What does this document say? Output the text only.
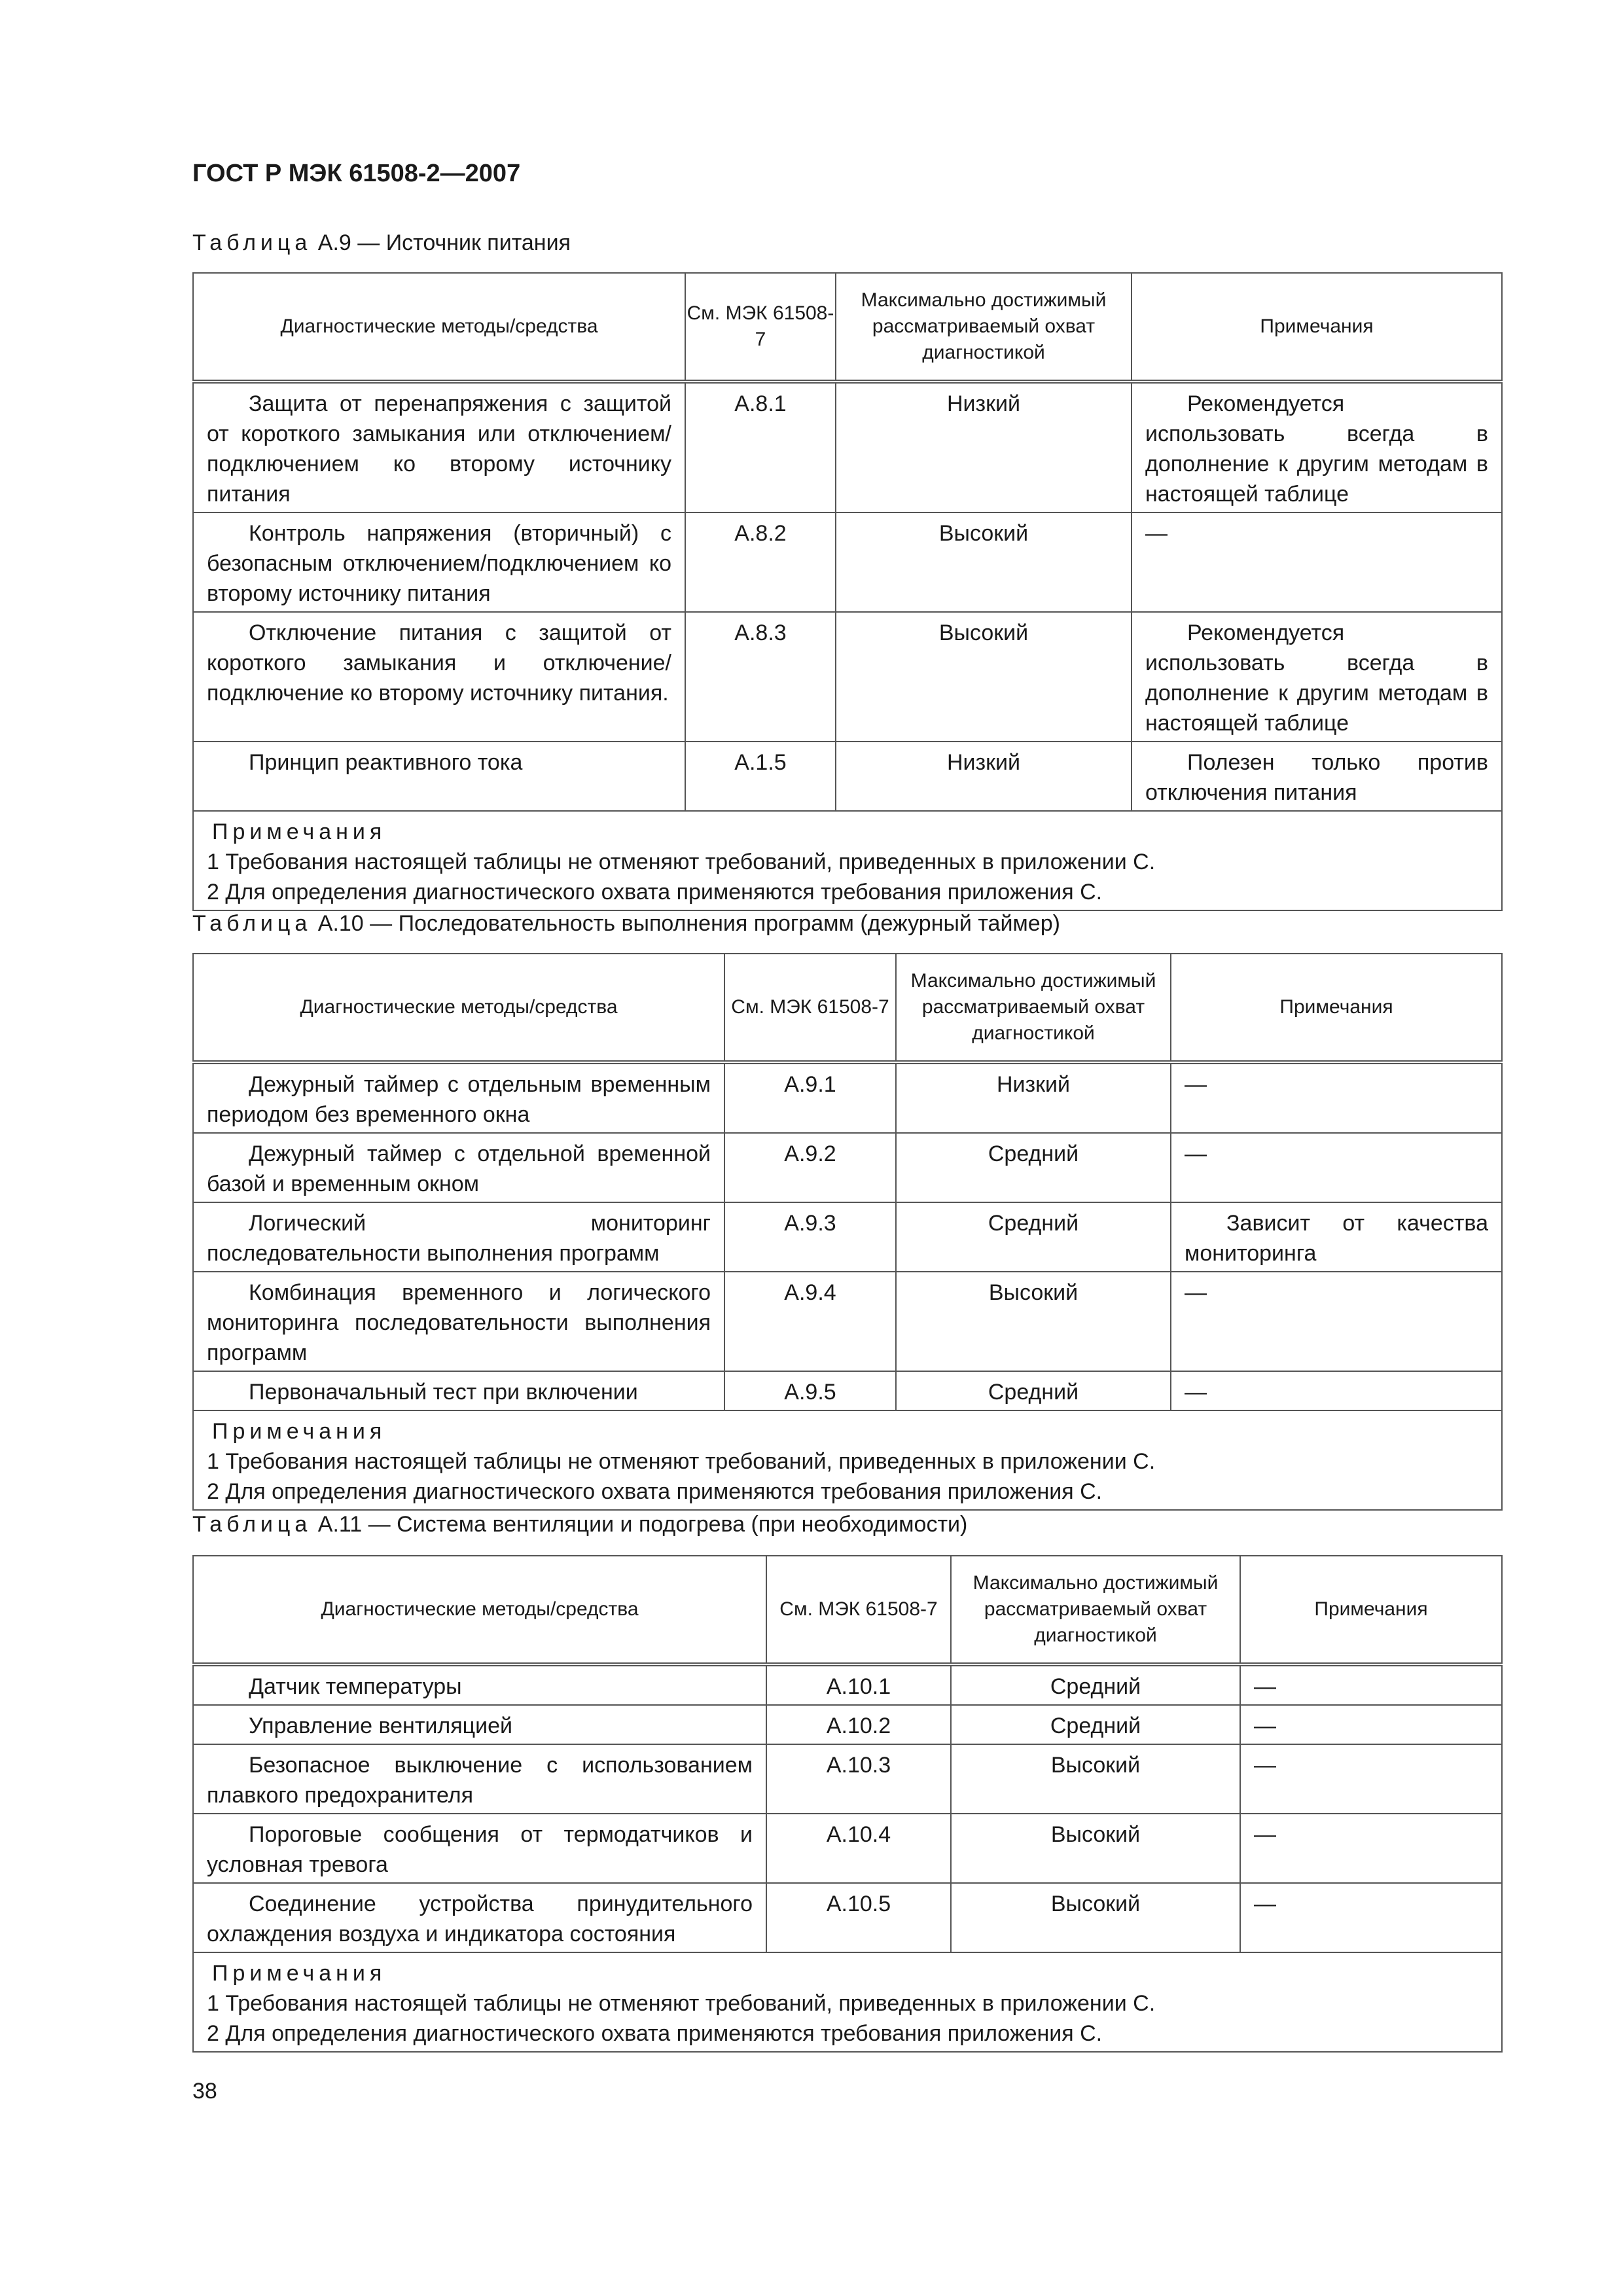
ГОСТ Р МЭК 61508-2—2007
Таблица А.9 — Источник питания
Диагностические методы/средства	См. МЭК 61508-7	Максимально достижимый рассматриваемый охват диагностикой	Примечания
Защита от перенапряжения с защитой от короткого замыкания или отключением/подключением ко второму источнику питания	А.8.1	Низкий	Рекомендуется использовать всегда в дополнение к другим методам в настоящей таблице
Контроль напряжения (вторичный) с безопасным отключением/подключением ко второму источнику питания	А.8.2	Высокий	—
Отключение питания с защитой от короткого замыкания и отключение/подключение ко второму источнику питания.	А.8.3	Высокий	Рекомендуется использовать всегда в дополнение к другим методам в настоящей таблице
Принцип реактивного тока	А.1.5	Низкий	Полезен только против отключения питания

Примечания
1 Требования настоящей таблицы не отменяют требований, приведенных в приложении С.
2 Для определения диагностического охвата применяются требования приложения С.			
Таблица А.10 — Последовательность выполнения программ (дежурный таймер)
Диагностические методы/средства	См. МЭК 61508-7	Максимально достижимый рассматриваемый охват диагностикой	Примечания
Дежурный таймер с отдельным временным периодом без временного окна	А.9.1	Низкий	—
Дежурный таймер с отдельной временной базой и временным окном	А.9.2	Средний	—
Логический мониторинг последовательности выполнения программ	А.9.3	Средний	Зависит от качества мониторинга
Комбинация временного и логического мониторинга последовательности выполнения программ	А.9.4	Высокий	—
Первоначальный тест при включении	А.9.5	Средний	—

Примечания
1 Требования настоящей таблицы не отменяют требований, приведенных в приложении С.
2 Для определения диагностического охвата применяются требования приложения С.			
Таблица А.11 — Система вентиляции и подогрева (при необходимости)
Диагностические методы/средства	См. МЭК 61508-7	Максимально достижимый рассматриваемый охват диагностикой	Примечания
Датчик температуры	А.10.1	Средний	—
Управление вентиляцией	А.10.2	Средний	—
Безопасное выключение с использованием плавкого предохранителя	А.10.3	Высокий	—
Пороговые сообщения от термодатчиков и условная тревога	А.10.4	Высокий	—
Соединение устройства принудительного охлаждения воздуха и индикатора состояния	А.10.5	Высокий	—

Примечания
1 Требования настоящей таблицы не отменяют требований, приведенных в приложении С.
2 Для определения диагностического охвата применяются требования приложения С.			
38
